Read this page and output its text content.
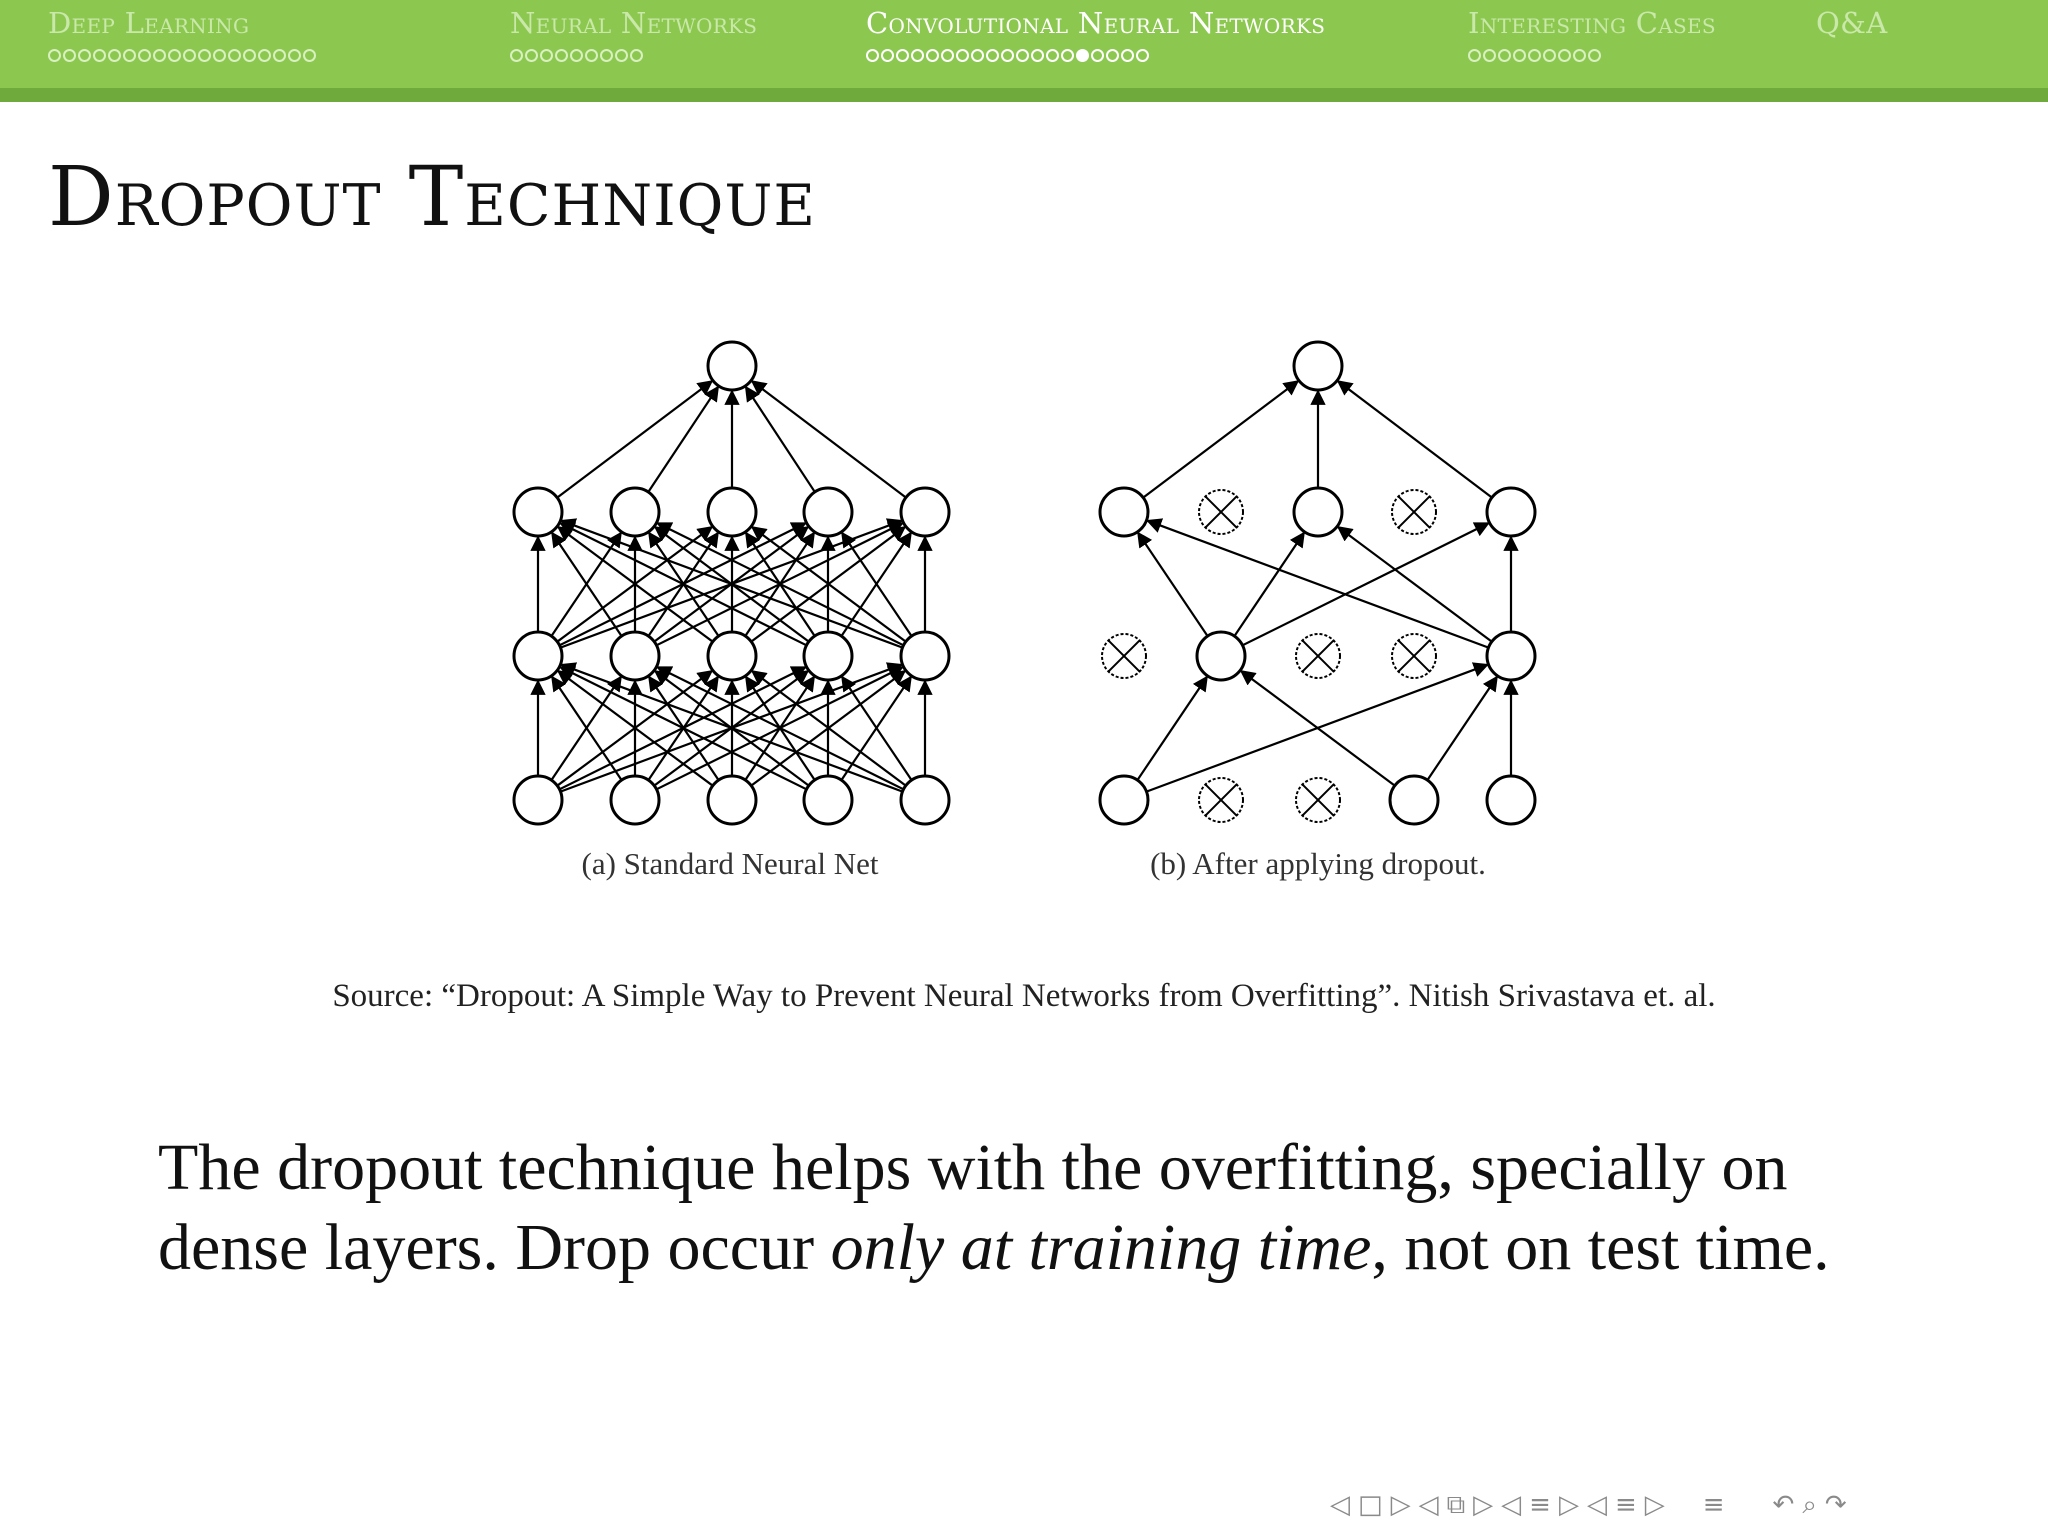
Deep Learning	Neural Networks	Convolutional Neural Networks	Interesting Cases	Q&A
Dropout Technique
(a) Standard Neural Net	(b) After applying dropout.
Source: “Dropout: A Simple Way to Prevent Neural Networks from Overfitting”. Nitish Srivastava et. al.
The dropout technique helps with the overfitting, specially on dense layers. Drop occur only at training time, not on test time.
◁ □ ▷ ◁ ⧉ ▷ ◁ ≡ ▷ ◁ ≡ ▷ ≡ ↶ ⌕ ↷
